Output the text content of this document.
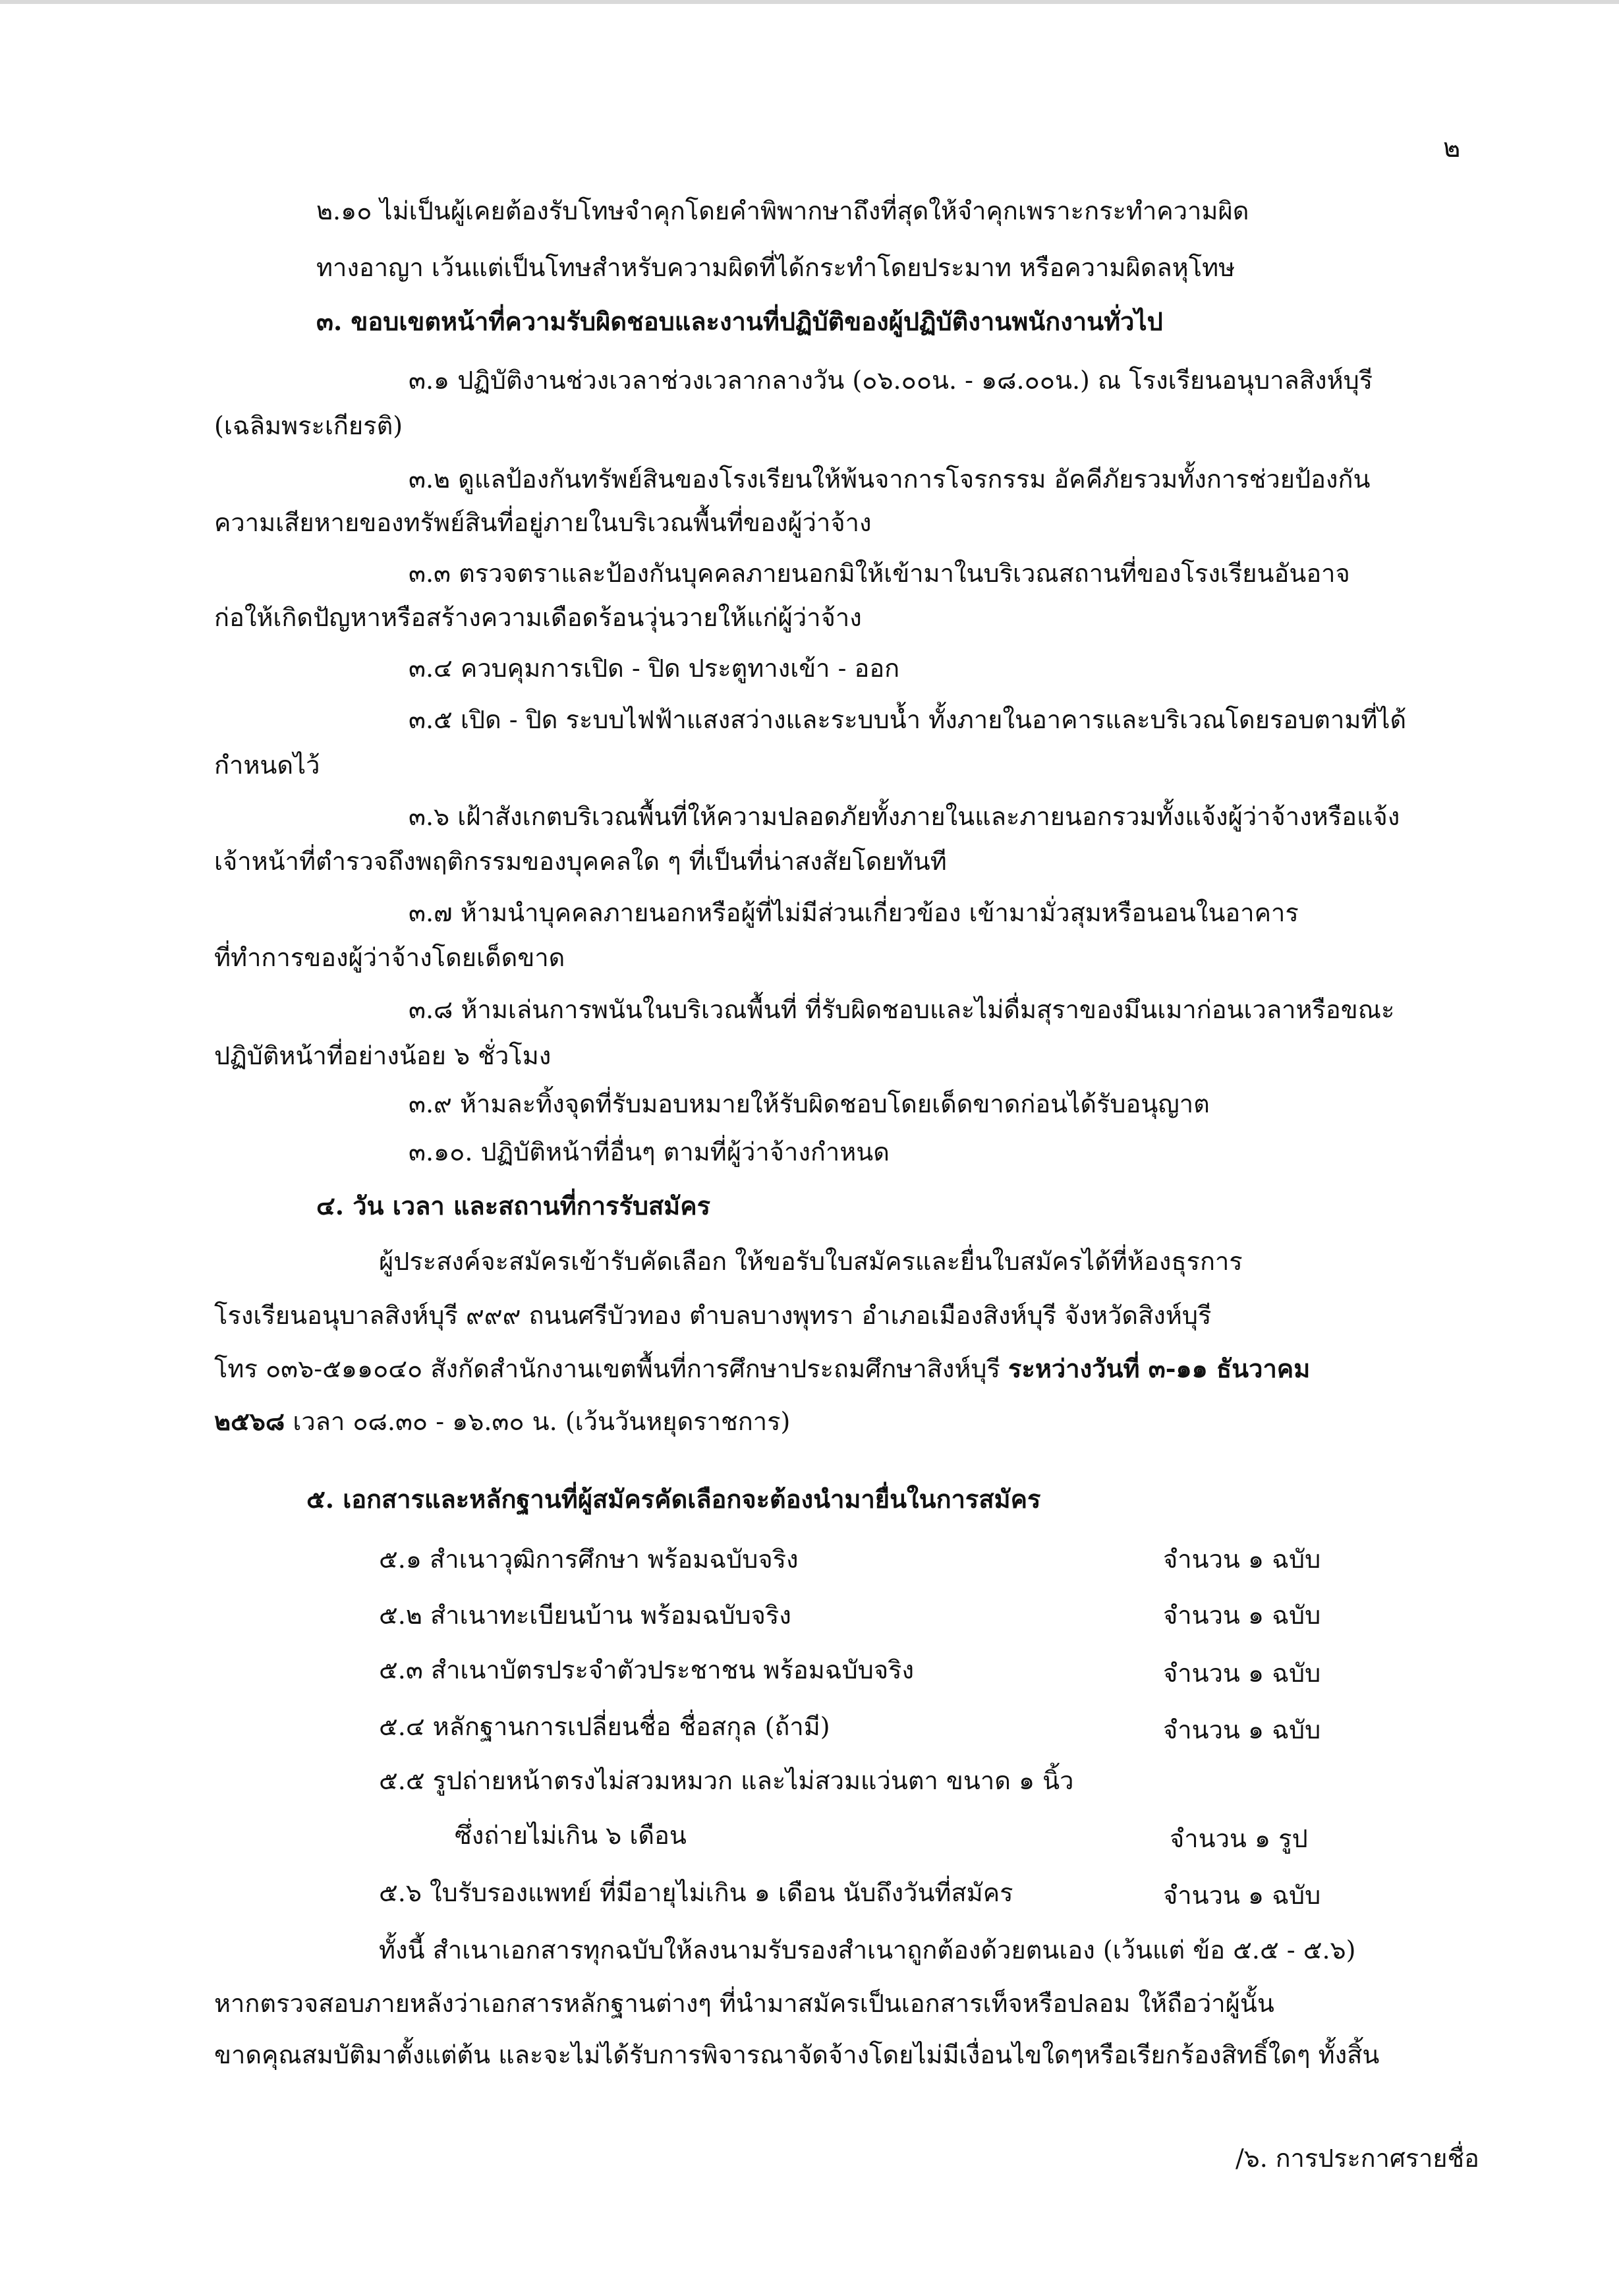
๒
๒.๑๐ ไม่เป็นผู้เคยต้องรับโทษจำคุกโดยคำพิพากษาถึงที่สุดให้จำคุกเพราะกระทำความผิด
ทางอาญา เว้นแต่เป็นโทษสำหรับความผิดที่ได้กระทำโดยประมาท หรือความผิดลหุโทษ
๓. ขอบเขตหน้าที่ความรับผิดชอบและงานที่ปฏิบัติของผู้ปฏิบัติงานพนักงานทั่วไป
๓.๑ ปฏิบัติงานช่วงเวลาช่วงเวลากลางวัน (๐๖.๐๐น. - ๑๘.๐๐น.) ณ โรงเรียนอนุบาลสิงห์บุรี
(เฉลิมพระเกียรติ)
๓.๒ ดูแลป้องกันทรัพย์สินของโรงเรียนให้พ้นจาการโจรกรรม อัคคีภัยรวมทั้งการช่วยป้องกัน
ความเสียหายของทรัพย์สินที่อยู่ภายในบริเวณพื้นที่ของผู้ว่าจ้าง
๓.๓ ตรวจตราและป้องกันบุคคลภายนอกมิให้เข้ามาในบริเวณสถานที่ของโรงเรียนอันอาจ
ก่อให้เกิดปัญหาหรือสร้างความเดือดร้อนวุ่นวายให้แก่ผู้ว่าจ้าง
๓.๔ ควบคุมการเปิด - ปิด ประตูทางเข้า - ออก
๓.๕ เปิด - ปิด ระบบไฟฟ้าแสงสว่างและระบบน้ำ ทั้งภายในอาคารและบริเวณโดยรอบตามที่ได้
กำหนดไว้
๓.๖ เฝ้าสังเกตบริเวณพื้นที่ให้ความปลอดภัยทั้งภายในและภายนอกรวมทั้งแจ้งผู้ว่าจ้างหรือแจ้ง
เจ้าหน้าที่ตำรวจถึงพฤติกรรมของบุคคลใด ๆ ที่เป็นที่น่าสงสัยโดยทันที
๓.๗ ห้ามนำบุคคลภายนอกหรือผู้ที่ไม่มีส่วนเกี่ยวข้อง เข้ามามั่วสุมหรือนอนในอาคาร
ที่ทำการของผู้ว่าจ้างโดยเด็ดขาด
๓.๘ ห้ามเล่นการพนันในบริเวณพื้นที่ ที่รับผิดชอบและไม่ดื่มสุราของมึนเมาก่อนเวลาหรือขณะ
ปฏิบัติหน้าที่อย่างน้อย ๖ ชั่วโมง
๓.๙ ห้ามละทิ้งจุดที่รับมอบหมายให้รับผิดชอบโดยเด็ดขาดก่อนได้รับอนุญาต
๓.๑๐. ปฏิบัติหน้าที่อื่นๆ ตามที่ผู้ว่าจ้างกำหนด
๔. วัน เวลา และสถานที่การรับสมัคร
ผู้ประสงค์จะสมัครเข้ารับคัดเลือก ให้ขอรับใบสมัครและยื่นใบสมัครได้ที่ห้องธุรการ
โรงเรียนอนุบาลสิงห์บุรี ๙๙๙ ถนนศรีบัวทอง ตำบลบางพุทรา อำเภอเมืองสิงห์บุรี จังหวัดสิงห์บุรี
โทร ๐๓๖-๕๑๑๐๔๐ สังกัดสำนักงานเขตพื้นที่การศึกษาประถมศึกษาสิงห์บุรี ระหว่างวันที่ ๓-๑๑ ธันวาคม
๒๕๖๘ เวลา ๐๘.๓๐ - ๑๖.๓๐ น. (เว้นวันหยุดราชการ)
๕. เอกสารและหลักฐานที่ผู้สมัครคัดเลือกจะต้องนำมายื่นในการสมัคร
๕.๑ สำเนาวุฒิการศึกษา พร้อมฉบับจริง	จำนวน ๑ ฉบับ
๕.๒ สำเนาทะเบียนบ้าน พร้อมฉบับจริง	จำนวน ๑ ฉบับ
๕.๓ สำเนาบัตรประจำตัวประชาชน พร้อมฉบับจริง	จำนวน ๑ ฉบับ
๕.๔ หลักฐานการเปลี่ยนชื่อ ชื่อสกุล (ถ้ามี)	จำนวน ๑ ฉบับ
๕.๕ รูปถ่ายหน้าตรงไม่สวมหมวก และไม่สวมแว่นตา ขนาด ๑ นิ้ว
ซึ่งถ่ายไม่เกิน ๖ เดือน	จำนวน ๑ รูป
๕.๖ ใบรับรองแพทย์ ที่มีอายุไม่เกิน ๑ เดือน นับถึงวันที่สมัคร	จำนวน ๑ ฉบับ
ทั้งนี้ สำเนาเอกสารทุกฉบับให้ลงนามรับรองสำเนาถูกต้องด้วยตนเอง (เว้นแต่ ข้อ ๕.๕ - ๕.๖)
หากตรวจสอบภายหลังว่าเอกสารหลักฐานต่างๆ ที่นำมาสมัครเป็นเอกสารเท็จหรือปลอม ให้ถือว่าผู้นั้น
ขาดคุณสมบัติมาตั้งแต่ต้น และจะไม่ได้รับการพิจารณาจัดจ้างโดยไม่มีเงื่อนไขใดๆหรือเรียกร้องสิทธิ์ใดๆ ทั้งสิ้น
/๖. การประกาศรายชื่อ
